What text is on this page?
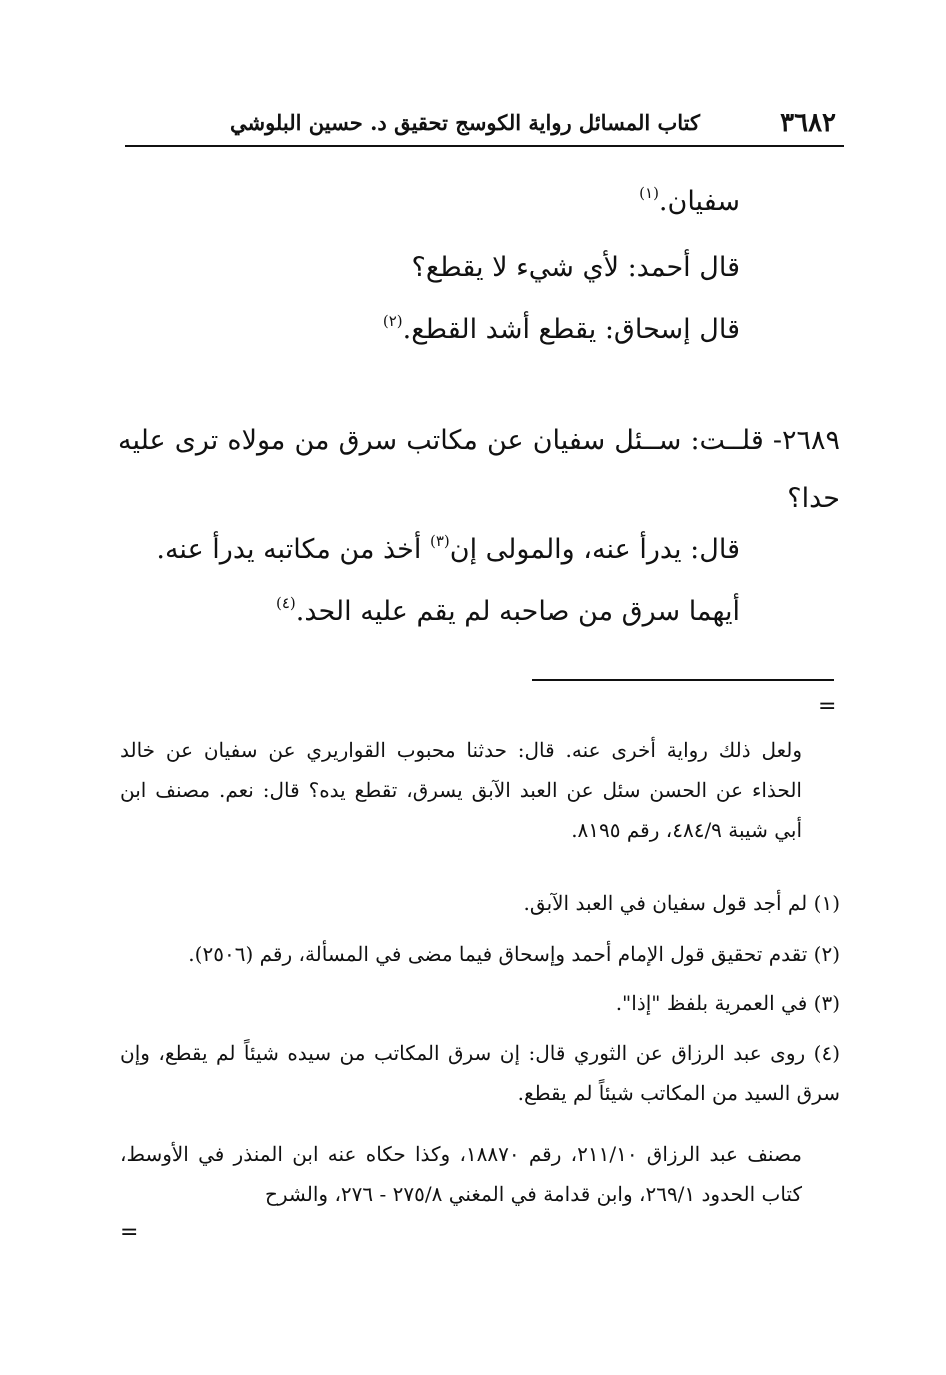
٣٦٨٢
كتاب المسائل رواية الكوسج تحقيق د. حسين البلوشي
سفيان.$^{(١)}$
قال أحمد: لأي شيء لا يقطع؟
قال إسحاق: يقطع أشد القطع.$^{(٢)}$
٢٦٨٩- قلــت: ســئل سفيان عن مكاتب سرق من مولاه ترى عليه حدا؟
قال: يدرأ عنه، والمولى إن$^{(٣)}$ أخذ من مكاتبه يدرأ عنه.
أيهما سرق من صاحبه لم يقم عليه الحد.$^{(٤)}$
=
ولعل ذلك رواية أخرى عنه. قال: حدثنا محبوب القواريري عن سفيان عن خالد الحذاء عن الحسن سئل عن العبد الآبق يسرق، تقطع يده؟ قال: نعم. مصنف ابن أبي شيبة ٤٨٤/٩، رقم ٨١٩٥.
(١) لم أجد قول سفيان في العبد الآبق.
(٢) تقدم تحقيق قول الإمام أحمد وإسحاق فيما مضى في المسألة، رقم (٢٥٠٦).
(٣) في العمرية بلفظ "إذا".
(٤) روى عبد الرزاق عن الثوري قال: إن سرق المكاتب من سيده شيئاً لم يقطع، وإن سرق السيد من المكاتب شيئاً لم يقطع.
مصنف عبد الرزاق ٢١١/١٠، رقم ١٨٨٧٠، وكذا حكاه عنه ابن المنذر في الأوسط، كتاب الحدود ٢٦٩/١، وابن قدامة في المغني ٢٧٥/٨ - ٢٧٦، والشرح
=
